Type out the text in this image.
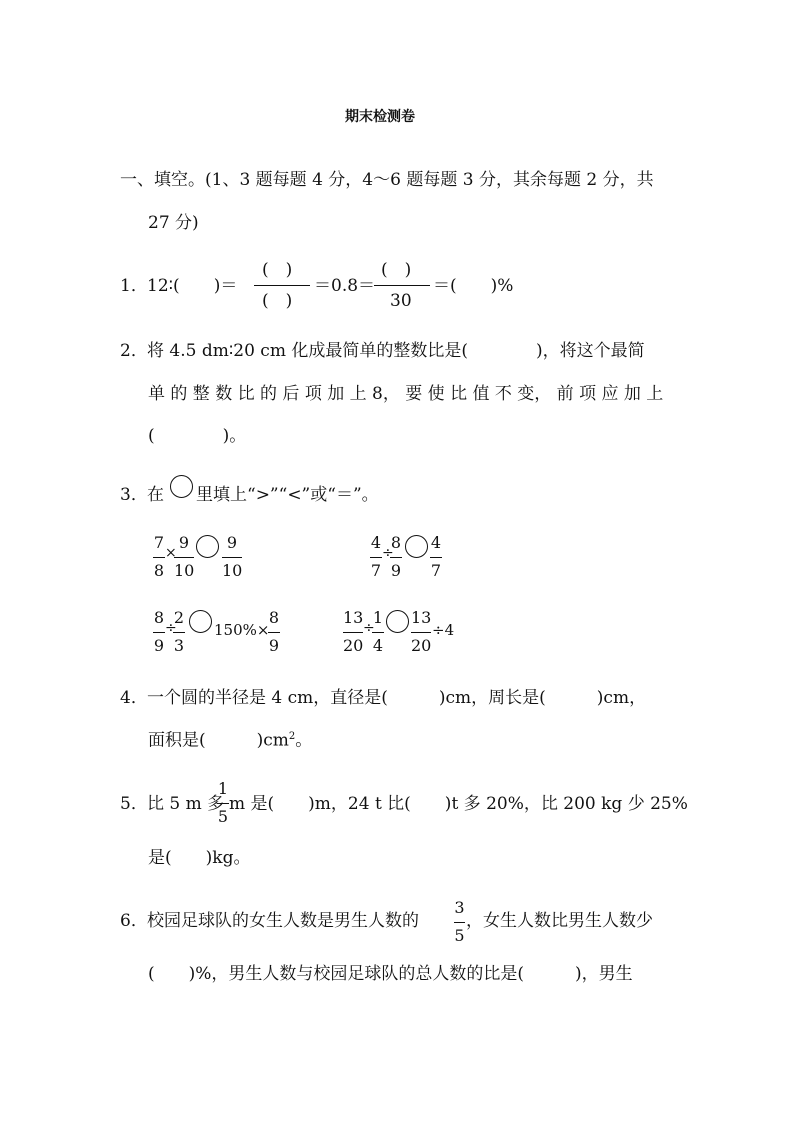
期末检测卷
一、填空。(1、3 题每题 4 分，4～6 题每题 3 分，其余每题 2 分，共
27 分)
1． 12∶(　　)＝
(　)
(　)
＝0.8＝
(　)
30
＝(　　)%
2． 将 4.5 dm∶20 cm 化成最简单的整数比是(　　　　)，将这个最简
单 的 整 数 比 的 后 项 加 上 8， 要 使 比 值 不 变， 前 项 应 加 上
(　　　　)。
3． 在 里填上“>”“<”或“＝”。
7
8
×
9
10
9
10
4
7
÷
8
9
4
7
8
9
÷
2
3
150%×
8
9
13
20
÷
1
4
13
20
÷4
4． 一个圆的半径是 4 cm，直径是(　　　)cm，周长是(　　　)cm，
面积是(　　　)$cm^2$。
5． 比 5 m 多
1
5
m 是(　　)m，24 t 比(　　)t 多 20%，比 200 kg 少 25%
是(　　)kg。
6． 校园足球队的女生人数是男生人数的
3
5
，女生人数比男生人数少
(　　)%，男生人数与校园足球队的总人数的比是(　　　)，男生
